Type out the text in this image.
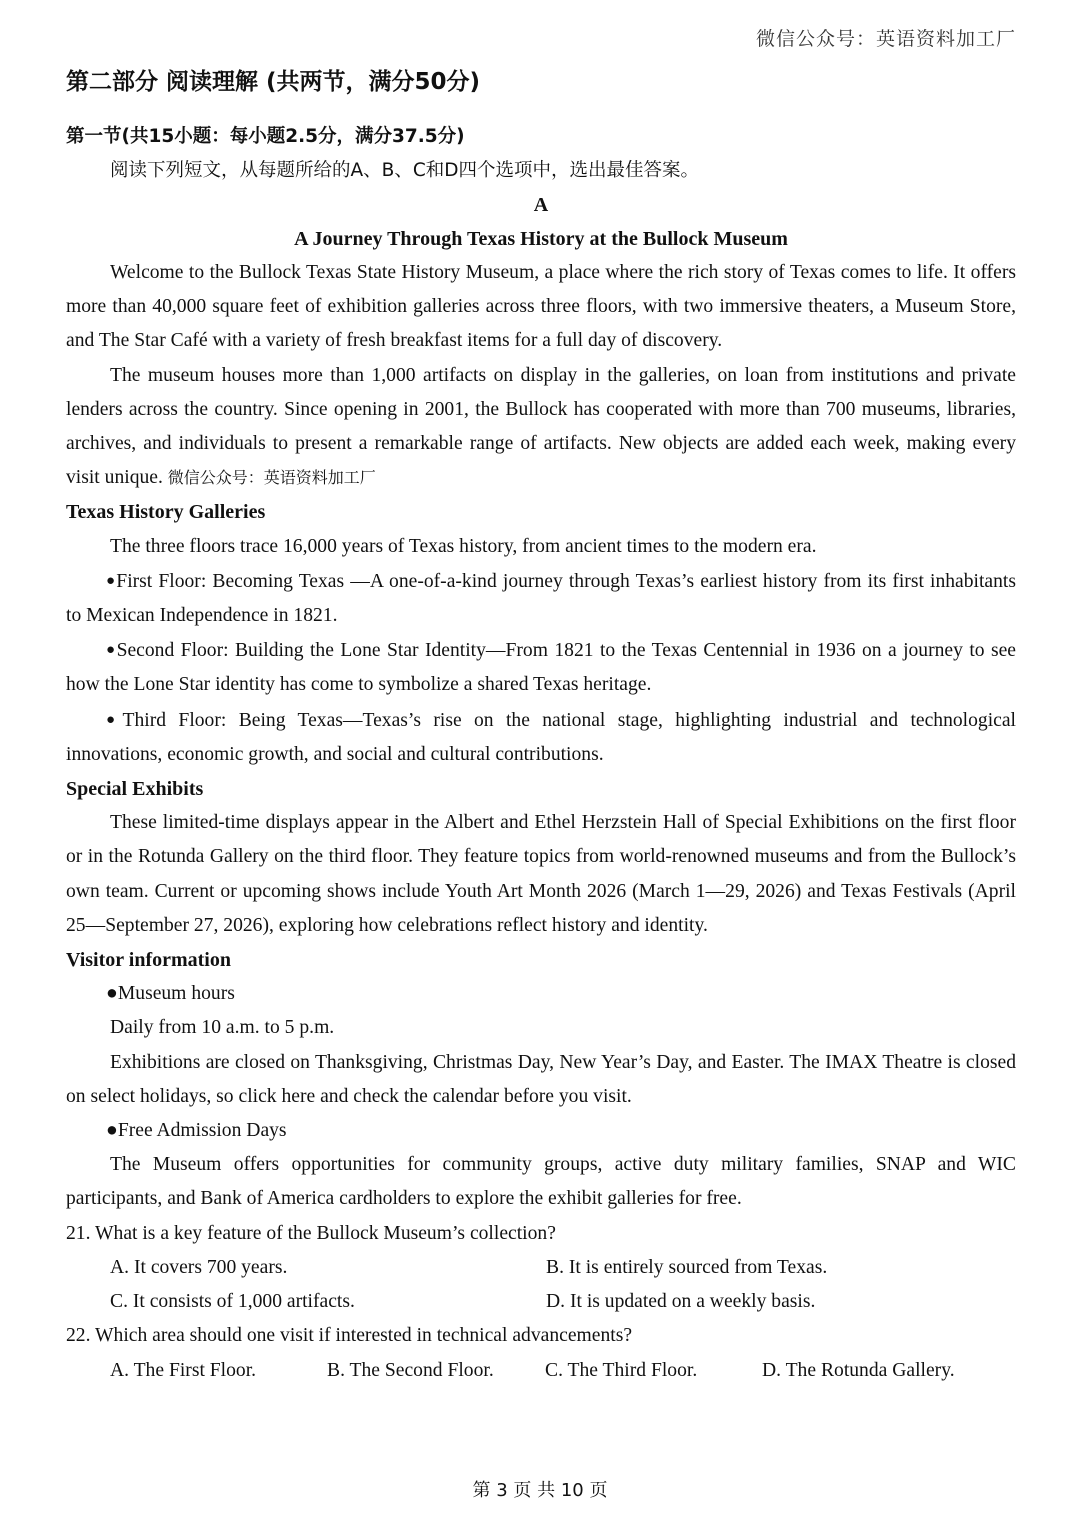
微信公众号：英语资料加工厂
第二部分 阅读理解 (共两节，满分50分)
第一节(共15小题：每小题2.5分，满分37.5分)
阅读下列短文，从每题所给的A、B、C和D四个选项中，选出最佳答案。
A
A Journey Through Texas History at the Bullock Museum

Welcome to the Bullock Texas State History Museum, a place where the rich story of Texas comes to life. It offers more than 40,000 square feet of exhibition galleries across three floors, with two immersive theaters, a Museum Store, and The Star Café with a variety of fresh breakfast items for a full day of discovery.

The museum houses more than 1,000 artifacts on display in the galleries, on loan from institutions and private lenders across the country. Since opening in 2001, the Bullock has cooperated with more than 700 museums, libraries, archives, and individuals to present a remarkable range of artifacts. New objects are added each week, making every visit unique. 微信公众号：英语资料加工厂

Texas History Galleries

The three floors trace 16,000 years of Texas history, from ancient times to the modern era.

●First Floor: Becoming Texas —A one-of-a-kind journey through Texas’s earliest history from its first inhabitants to Mexican Independence in 1821.

●Second Floor: Building the Lone Star Identity—From 1821 to the Texas Centennial in 1936 on a journey to see how the Lone Star identity has come to symbolize a shared Texas heritage.

●Third Floor: Being Texas—Texas’s rise on the national stage, highlighting industrial and technological innovations, economic growth, and social and cultural contributions.

Special Exhibits

These limited-time displays appear in the Albert and Ethel Herzstein Hall of Special Exhibitions on the first floor or in the Rotunda Gallery on the third floor. They feature topics from world-renowned museums and from the Bullock’s own team. Current or upcoming shows include Youth Art Month 2026 (March 1—29, 2026) and Texas Festivals (April 25—September 27, 2026), exploring how celebrations reflect history and identity.

Visitor information

●Museum hours

Daily from 10 a.m. to 5 p.m.

Exhibitions are closed on Thanksgiving, Christmas Day, New Year’s Day, and Easter. The IMAX Theatre is closed on select holidays, so click here and check the calendar before you visit.

●Free Admission Days

The Museum offers opportunities for community groups, active duty military families, SNAP and WIC participants, and Bank of America cardholders to explore the exhibit galleries for free.

21. What is a key feature of the Bullock Museum’s collection?
A. It covers 700 years.	B. It is entirely sourced from Texas.
C. It consists of 1,000 artifacts.	D. It is updated on a weekly basis.
22. Which area should one visit if interested in technical advancements?
A. The First Floor.	B. The Second Floor.	C. The Third Floor.	D. The Rotunda Gallery.
第 3 页 共 10 页
